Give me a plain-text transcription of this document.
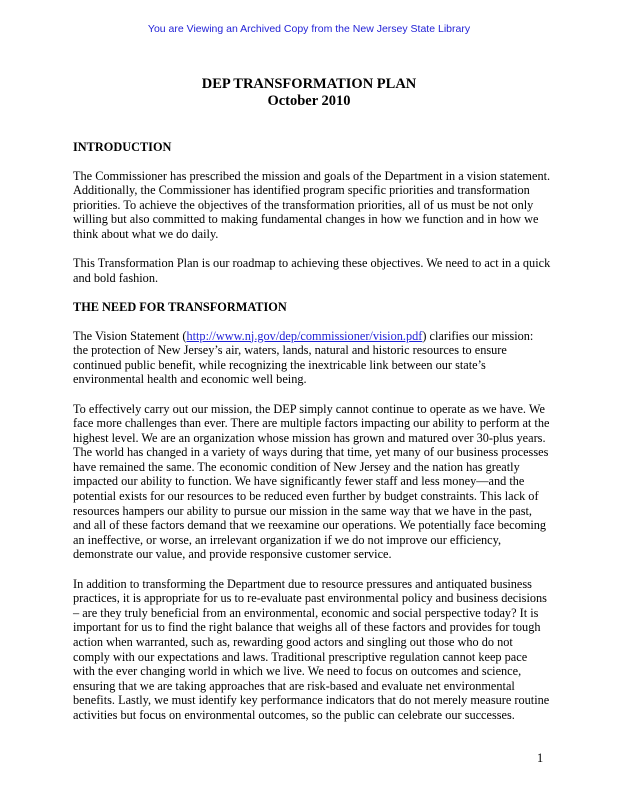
You are Viewing an Archived Copy from the New Jersey State Library
DEP TRANSFORMATION PLAN
October 2010
INTRODUCTION

The Commissioner has prescribed the mission and goals of the Department in a vision statement. Additionally, the Commissioner has identified program specific priorities and transformation priorities. To achieve the objectives of the transformation priorities, all of us must be not only willing but also committed to making fundamental changes in how we function and in how we think about what we do daily.

This Transformation Plan is our roadmap to achieving these objectives. We need to act in a quick and bold fashion.

THE NEED FOR TRANSFORMATION

The Vision Statement (http://www.nj.gov/dep/commissioner/vision.pdf) clarifies our mission: the protection of New Jersey’s air, waters, lands, natural and historic resources to ensure continued public benefit, while recognizing the inextricable link between our state’s environmental health and economic well being.

To effectively carry out our mission, the DEP simply cannot continue to operate as we have. We face more challenges than ever. There are multiple factors impacting our ability to perform at the highest level. We are an organization whose mission has grown and matured over 30-plus years. The world has changed in a variety of ways during that time, yet many of our business processes have remained the same. The economic condition of New Jersey and the nation has greatly impacted our ability to function. We have significantly fewer staff and less money—and the potential exists for our resources to be reduced even further by budget constraints. This lack of resources hampers our ability to pursue our mission in the same way that we have in the past, and all of these factors demand that we reexamine our operations. We potentially face becoming an ineffective, or worse, an irrelevant organization if we do not improve our efficiency, demonstrate our value, and provide responsive customer service.

In addition to transforming the Department due to resource pressures and antiquated business practices, it is appropriate for us to re-evaluate past environmental policy and business decisions – are they truly beneficial from an environmental, economic and social perspective today? It is important for us to find the right balance that weighs all of these factors and provides for tough action when warranted, such as, rewarding good actors and singling out those who do not comply with our expectations and laws. Traditional prescriptive regulation cannot keep pace with the ever changing world in which we live. We need to focus on outcomes and science, ensuring that we are taking approaches that are risk-based and evaluate net environmental benefits. Lastly, we must identify key performance indicators that do not merely measure routine activities but focus on environmental outcomes, so the public can celebrate our successes.

1
